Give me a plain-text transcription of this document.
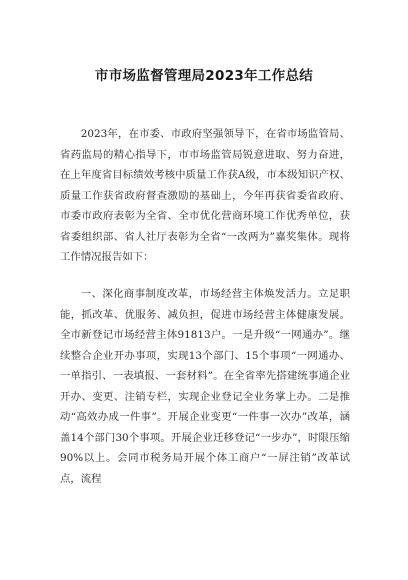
市市场监督管理局2023年工作总结

2023年，在市委、市政府坚强领导下，在省市场监管局、省药监局的精心指导下，市市场监管局锐意进取、努力奋进，在上年度省目标绩效考核中质量工作获A级，市本级知识产权、质量工作获省政府督查激励的基础上，今年再获省委省政府、市委市政府表彰为全省、全市优化营商环境工作优秀单位，获省委组织部、省人社厅表彰为全省“一改两为”嘉奖集体。现将工作情况报告如下：

一、深化商事制度改革，市场经营主体焕发活力。立足职能，抓改革、优服务、减负担，促进市场经营主体健康发展。全市新登记市场经营主体91813户。一是升级“一网通办”。继续整合企业开办事项，实现13个部门、15个事项“一网通办、一单指引、一表填报、一套材料”。在全省率先搭建统事通企业开办、变更、注销专栏，实现企业登记全业务掌上办。二是推动“高效办成一件事”。开展企业变更“一件事一次办”改革，涵盖14个部门30个事项。开展企业迁移登记“一步办”，时限压缩90%以上。会同市税务局开展个体工商户“一屏注销”改革试点，流程
